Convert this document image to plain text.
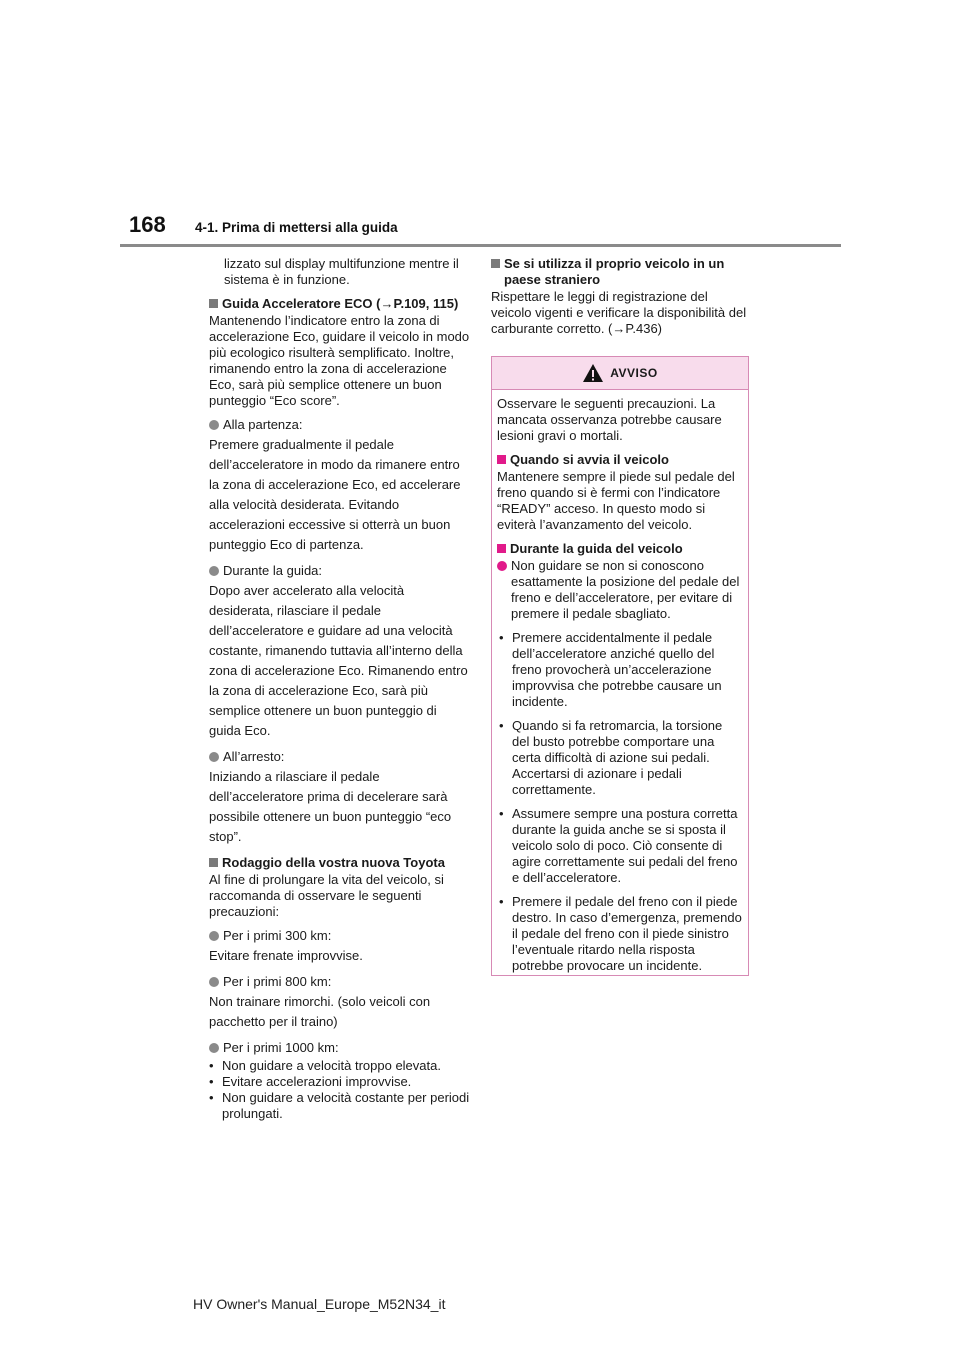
168 4-1. Prima di mettersi alla guida

lizzato sul display multifunzione mentre il sistema è in funzione.

Guida Acceleratore ECO (→P.109, 115)

Mantenendo l’indicatore entro la zona di accelerazione Eco, guidare il veicolo in modo più ecologico risulterà semplificato. Inoltre, rimanendo entro la zona di accelerazione Eco, sarà più semplice ottenere un buon punteggio “Eco score”.

Alla partenza:

Premere gradualmente il pedale dell’acceleratore in modo da rimanere entro la zona di accelerazione Eco, ed accelerare alla velocità desiderata. Evitando accelerazioni eccessive si otterrà un buon punteggio Eco di partenza.

Durante la guida:

Dopo aver accelerato alla velocità desiderata, rilasciare il pedale dell’acceleratore e guidare ad una velocità costante, rimanendo tuttavia all’interno della zona di accelerazione Eco. Rimanendo entro la zona di accelerazione Eco, sarà più semplice ottenere un buon punteggio di guida Eco.

All’arresto:

Iniziando a rilasciare il pedale dell’acceleratore prima di decelerare sarà possibile ottenere un buon punteggio “eco stop”.

Rodaggio della vostra nuova Toyota

Al fine di prolungare la vita del veicolo, si raccomanda di osservare le seguenti precauzioni:

Per i primi 300 km:

Evitare frenate improvvise.

Per i primi 800 km:

Non trainare rimorchi. (solo veicoli con pacchetto per il traino)

Per i primi 1000 km:
• Non guidare a velocità troppo elevata.
• Evitare accelerazioni improvvise.
• Non guidare a velocità costante per periodi prolungati.
Se si utilizza il proprio veicolo in un paese straniero

Rispettare le leggi di registrazione del veicolo vigenti e verificare la disponibilità del carburante corretto. (→P.436)

AVVISO

Osservare le seguenti precauzioni. La mancata osservanza potrebbe causare lesioni gravi o mortali.

Quando si avvia il veicolo

Mantenere sempre il piede sul pedale del freno quando si è fermi con l’indicatore “READY” acceso. In questo modo si eviterà l’avanzamento del veicolo.

Durante la guida del veicolo
Non guidare se non si conoscono esattamente la posizione del pedale del freno e dell’acceleratore, per evitare di premere il pedale sbagliato.
• Premere accidentalmente il pedale dell’acceleratore anziché quello del freno provocherà un’accelerazione improvvisa che potrebbe causare un incidente.
• Quando si fa retromarcia, la torsione del busto potrebbe comportare una certa difficoltà di azione sui pedali. Accertarsi di azionare i pedali correttamente.
• Assumere sempre una postura corretta durante la guida anche se si sposta il veicolo solo di poco. Ciò consente di agire correttamente sui pedali del freno e dell’acceleratore.
• Premere il pedale del freno con il piede destro. In caso d’emergenza, premendo il pedale del freno con il piede sinistro l’eventuale ritardo nella risposta potrebbe provocare un incidente.
HV Owner's Manual_Europe_M52N34_it
